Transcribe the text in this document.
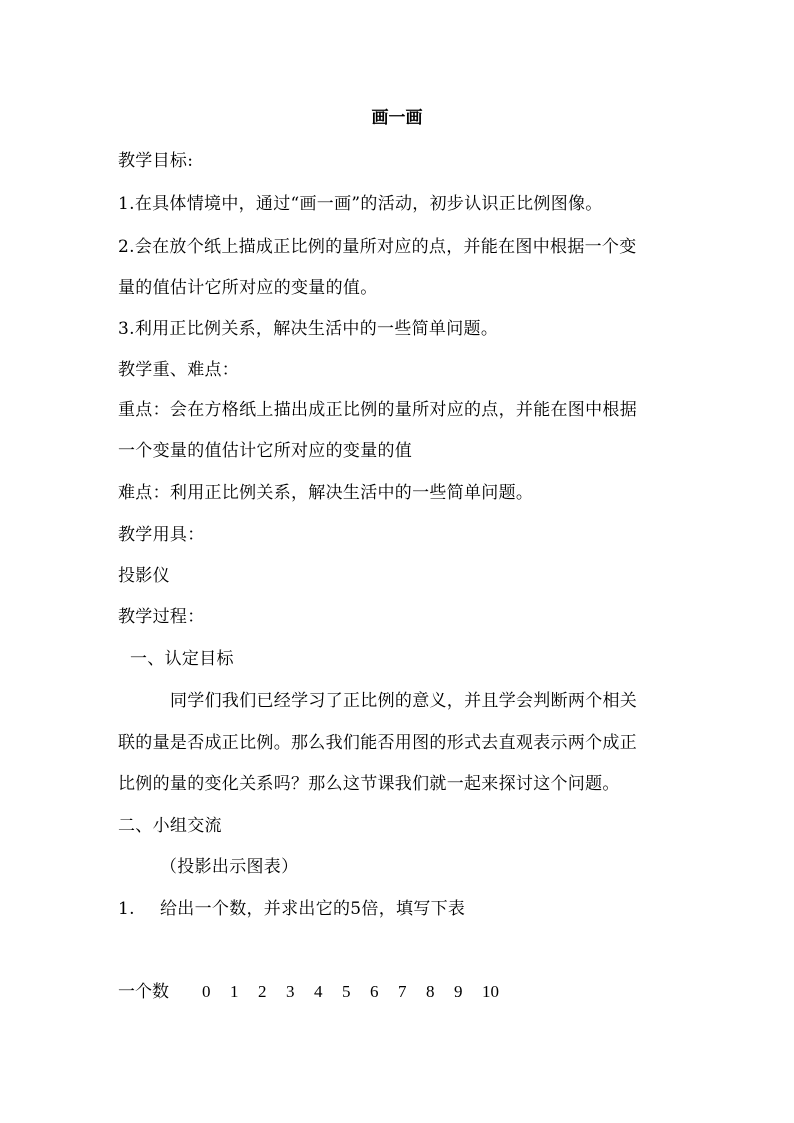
画一画
教学目标:
1.在具体情境中，通过“画一画”的活动，初步认识正比例图像。
2.会在放个纸上描成正比例的量所对应的点，并能在图中根据一个变
量的值估计它所对应的变量的值。
3.利用正比例关系，解决生活中的一些简单问题。
教学重、难点：
重点：会在方格纸上描出成正比例的量所对应的点，并能在图中根据
一个变量的值估计它所对应的变量的值
难点：利用正比例关系，解决生活中的一些简单问题。
教学用具：
投影仪
教学过程：
一、认定目标
同学们我们已经学习了正比例的意义，并且学会判断两个相关
联的量是否成正比例。那么我们能否用图的形式去直观表示两个成正
比例的量的变化关系吗？那么这节课我们就一起来探讨这个问题。
二、小组交流
（投影出示图表）
1. 给出一个数，并求出它的5倍，填写下表
一个数	0	1	2	3	4	5	6	7	8	9	10
